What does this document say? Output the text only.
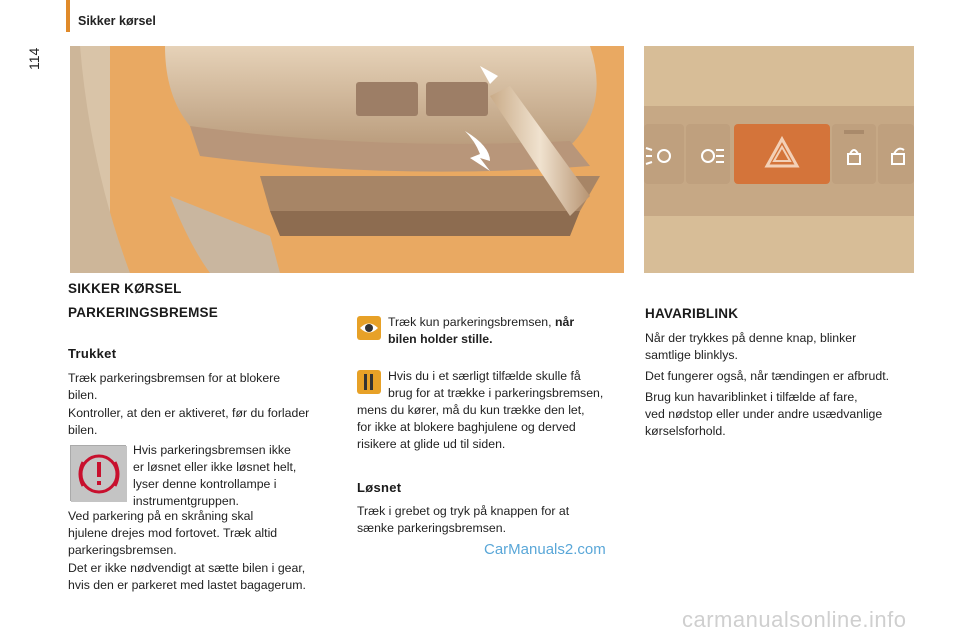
Sikker kørsel
114
SIKKER KØRSEL
PARKERINGSBREMSE
Trukket
Træk parkeringsbremsen for at blokere
bilen.
Kontroller, at den er aktiveret, før du forlader
bilen.
Hvis parkeringsbremsen ikke
er løsnet eller ikke løsnet helt,
lyser denne kontrollampe i
instrumentgruppen.
Ved parkering på en skråning skal
hjulene drejes mod fortovet. Træk altid
parkeringsbremsen.
Det er ikke nødvendigt at sætte bilen i gear,
hvis den er parkeret med lastet bagagerum.
Træk kun parkeringsbremsen, når
bilen holder stille.
Hvis du i et særligt tilfælde skulle få
brug for at trække i parkeringsbremsen,
mens du kører, må du kun trække den let,
for ikke at blokere baghjulene og derved
risikere at glide ud til siden.
Løsnet
Træk i grebet og tryk på knappen for at
sænke parkeringsbremsen.
HAVARIBLINK
Når der trykkes på denne knap, blinker
samtlige blinklys.
Det fungerer også, når tændingen er afbrudt.
Brug kun havariblinket i tilfælde af fare,
ved nødstop eller under andre usædvanlige
kørselsforhold.
CarManuals2.com
carmanualsonline.info
